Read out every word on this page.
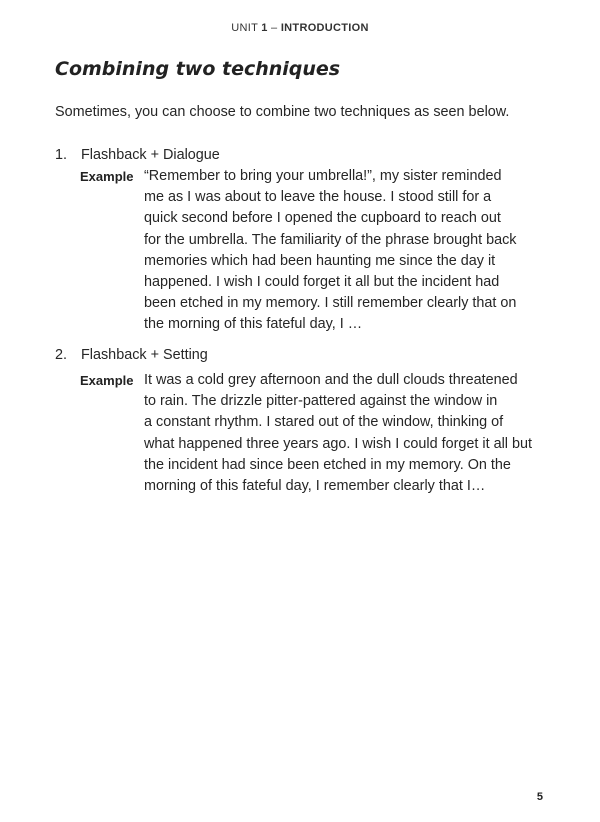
UNIT 1 – INTRODUCTION
Combining two techniques

Sometimes, you can choose to combine two techniques as seen below.

1. Flashback + Dialogue
Example “Remember to bring your umbrella!”, my sister reminded
me as I was about to leave the house. I stood still for a
quick second before I opened the cupboard to reach out
for the umbrella. The familiarity of the phrase brought back
memories which had been haunting me since the day it
happened. I wish I could forget it all but the incident had
been etched in my memory. I still remember clearly that on
the morning of this fateful day, I …
2. Flashback + Setting
Example It was a cold grey afternoon and the dull clouds threatened
to rain. The drizzle pitter-pattered against the window in
a constant rhythm. I stared out of the window, thinking of
what happened three years ago. I wish I could forget it all but
the incident had since been etched in my memory. On the
morning of this fateful day, I remember clearly that I…
5
